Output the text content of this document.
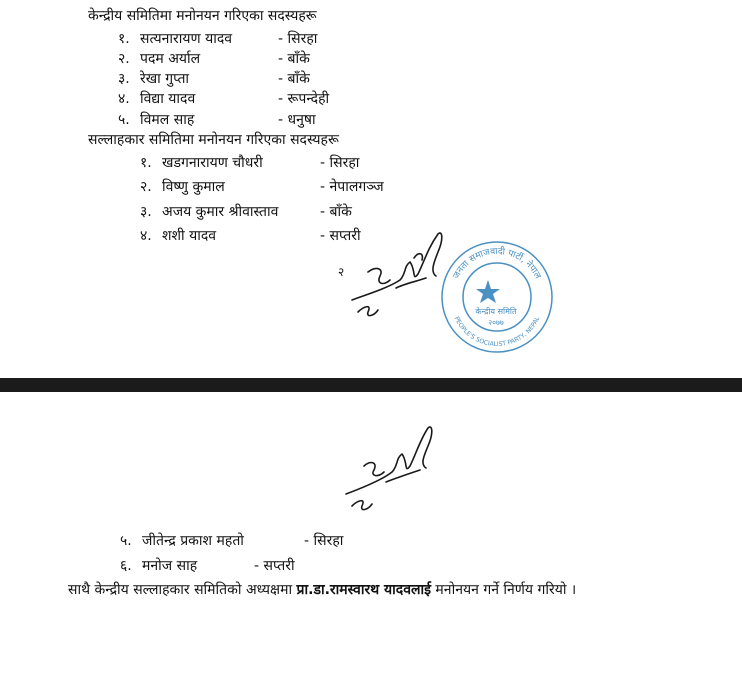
केन्द्रीय समितिमा मनोनयन गरिएका सदस्यहरू
१. सत्यनारायण यादव	- सिरहा
२. पदम अर्याल	- बाँके
३. रेखा गुप्ता	- बाँके
४. विद्या यादव	- रूपन्देही
५. विमल साह	- धनुषा
सल्लाहकार समितिमा मनोनयन गरिएका सदस्यहरू
१. खडगनारायण चौधरी	- सिरहा
२. विष्णु कुमाल	- नेपालगञ्ज
३. अजय कुमार श्रीवास्ताव	- बाँके
४. शशी यादव	- सप्तरी
२	जनता समाजवादी पार्टी, नेपाल
केन्द्रीय समिति
२०७७
PEOPLE'S SOCIALIST PARTY, NEPAL
५. जीतेन्द्र प्रकाश महतो	- सिरहा
६. मनोज साह	- सप्तरी
साथै केन्द्रीय सल्लाहकार समितिको अध्यक्षमा प्रा.डा.रामस्वारथ यादवलाई मनोनयन गर्ने निर्णय गरियो ।
